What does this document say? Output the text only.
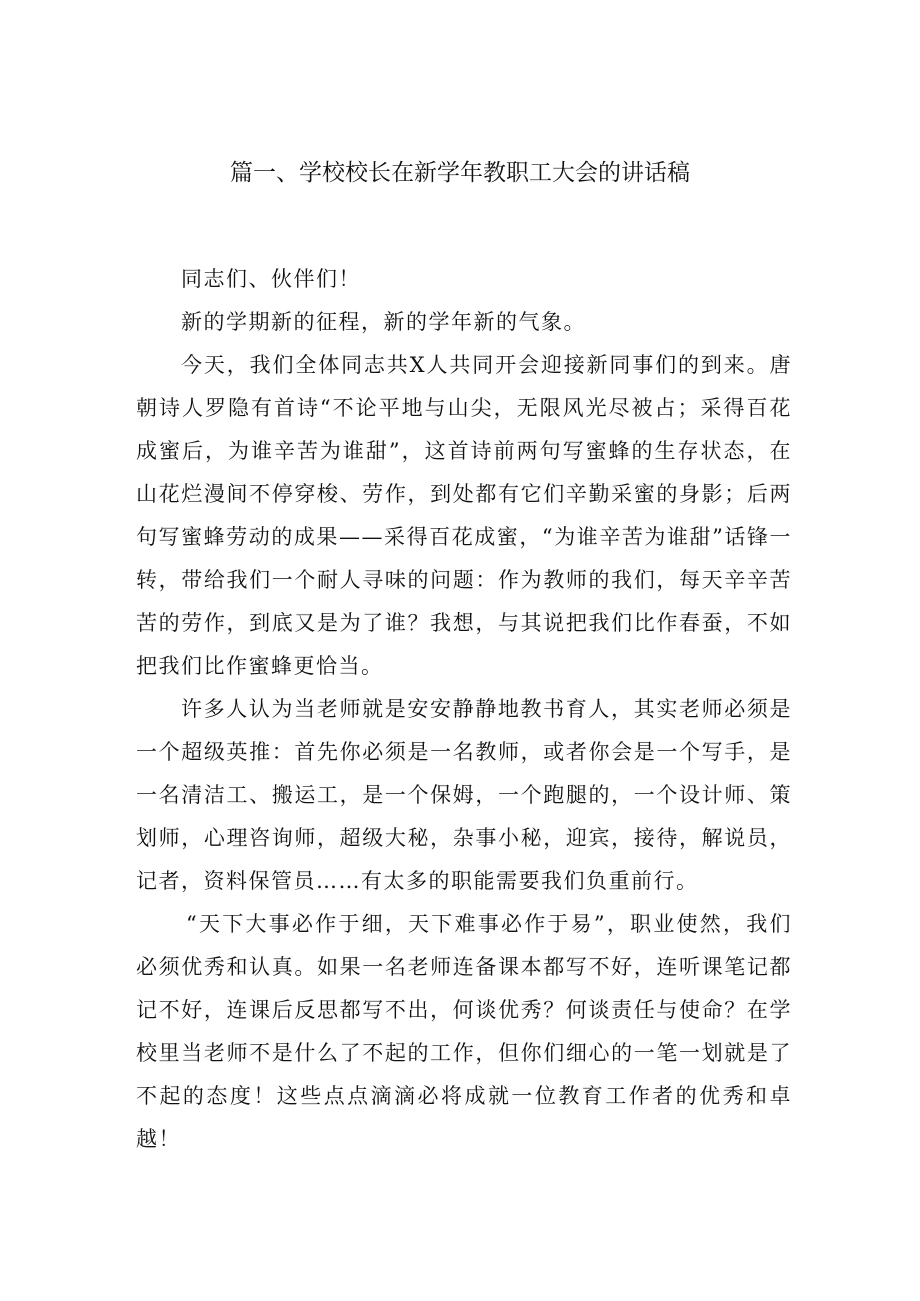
篇一、学校校长在新学年教职工大会的讲话稿

同志们、伙伴们！

新的学期新的征程，新的学年新的气象。

今天，我们全体同志共X人共同开会迎接新同事们的到来。唐朝诗人罗隐有首诗“不论平地与山尖，无限风光尽被占；采得百花成蜜后，为谁辛苦为谁甜”，这首诗前两句写蜜蜂的生存状态，在山花烂漫间不停穿梭、劳作，到处都有它们辛勤采蜜的身影；后两句写蜜蜂劳动的成果——采得百花成蜜，“为谁辛苦为谁甜”话锋一转，带给我们一个耐人寻味的问题：作为教师的我们，每天辛辛苦苦的劳作，到底又是为了谁？我想，与其说把我们比作春蚕，不如把我们比作蜜蜂更恰当。

许多人认为当老师就是安安静静地教书育人，其实老师必须是一个超级英推：首先你必须是一名教师，或者你会是一个写手，是一名清洁工、搬运工，是一个保姆，一个跑腿的，一个设计师、策划师，心理咨询师，超级大秘，杂事小秘，迎宾，接待，解说员，记者，资料保管员……有太多的职能需要我们负重前行。

“天下大事必作于细，天下难事必作于易”，职业使然，我们必须优秀和认真。如果一名老师连备课本都写不好，连听课笔记都记不好，连课后反思都写不出，何谈优秀？何谈责任与使命？在学校里当老师不是什么了不起的工作，但你们细心的一笔一划就是了不起的态度！这些点点滴滴必将成就一位教育工作者的优秀和卓越！
